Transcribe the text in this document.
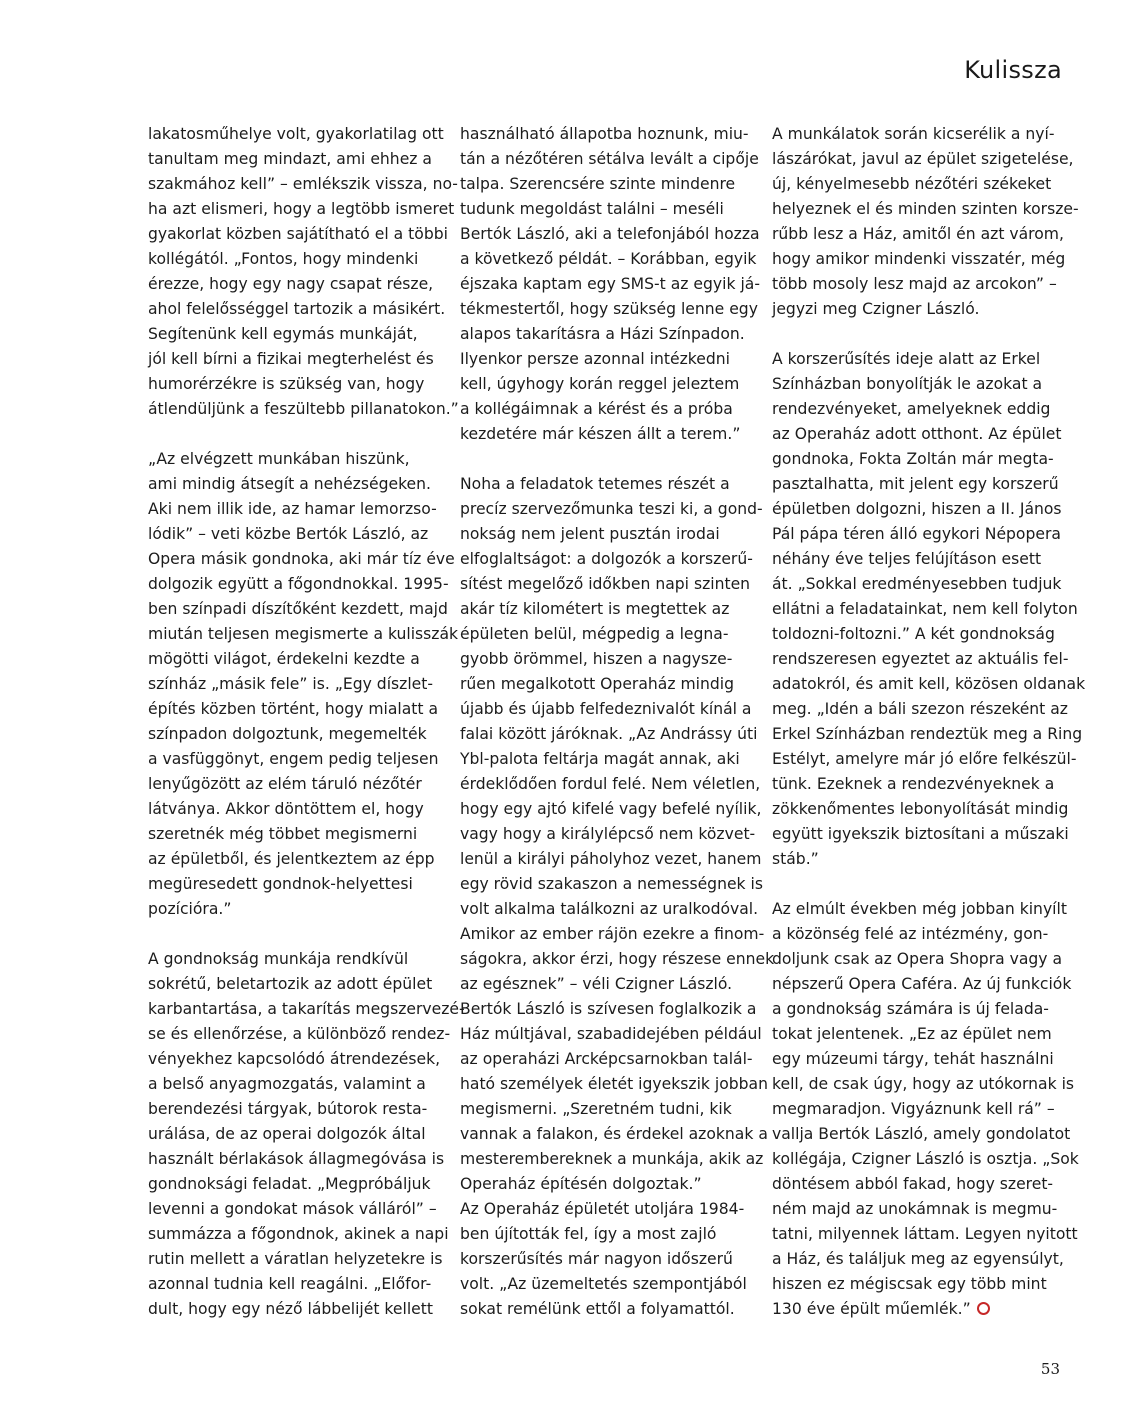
Kulissza
lakatosműhelye volt, gyakorlatilag ott
tanultam meg mindazt, ami ehhez a
szakmához kell” – emlékszik vissza, no-
ha azt elismeri, hogy a legtöbb ismeret
gyakorlat közben sajátítható el a többi
kollégától. „Fontos, hogy mindenki
érezze, hogy egy nagy csapat része,
ahol felelősséggel tartozik a másikért.
Segítenünk kell egymás munkáját,
jól kell bírni a fizikai megterhelést és
humorérzékre is szükség van, hogy
átlendüljünk a feszültebb pillanatokon.”
„Az elvégzett munkában hiszünk,
ami mindig átsegít a nehézségeken.
Aki nem illik ide, az hamar lemorzso-
lódik” – veti közbe Bertók László, az
Opera másik gondnoka, aki már tíz éve
dolgozik együtt a főgondnokkal. 1995-
ben színpadi díszítőként kezdett, majd
miután teljesen megismerte a kulisszák
mögötti világot, érdekelni kezdte a
színház „másik fele” is. „Egy díszlet-
építés közben történt, hogy mialatt a
színpadon dolgoztunk, megemelték
a vasfüggönyt, engem pedig teljesen
lenyűgözött az elém táruló nézőtér
látványa. Akkor döntöttem el, hogy
szeretnék még többet megismerni
az épületből, és jelentkeztem az épp
megüresedett gondnok-helyettesi
pozícióra.”
A gondnokság munkája rendkívül
sokrétű, beletartozik az adott épület
karbantartása, a takarítás megszervezé-
se és ellenőrzése, a különböző rendez-
vényekhez kapcsolódó átrendezések,
a belső anyagmozgatás, valamint a
berendezési tárgyak, bútorok resta-
urálása, de az operai dolgozók által
használt bérlakások állagmegóvása is
gondnoksági feladat. „Megpróbáljuk
levenni a gondokat mások válláról” –
summázza a főgondnok, akinek a napi
rutin mellett a váratlan helyzetekre is
azonnal tudnia kell reagálni. „Előfor-
dult, hogy egy néző lábbelijét kellett
használható állapotba hoznunk, miu-
tán a nézőtéren sétálva levált a cipője
talpa. Szerencsére szinte mindenre
tudunk megoldást találni – meséli
Bertók László, aki a telefonjából hozza
a következő példát. – Korábban, egyik
éjszaka kaptam egy SMS-t az egyik já-
tékmestertől, hogy szükség lenne egy
alapos takarításra a Házi Színpadon.
Ilyenkor persze azonnal intézkedni
kell, úgyhogy korán reggel jeleztem
a kollégáimnak a kérést és a próba
kezdetére már készen állt a terem.”
Noha a feladatok tetemes részét a
precíz szervezőmunka teszi ki, a gond-
nokság nem jelent pusztán irodai
elfoglaltságot: a dolgozók a korszerű-
sítést megelőző időkben napi szinten
akár tíz kilométert is megtettek az
épületen belül, mégpedig a legna-
gyobb örömmel, hiszen a nagysze-
rűen megalkotott Operaház mindig
újabb és újabb felfedeznivalót kínál a
falai között járóknak. „Az Andrássy úti
Ybl-palota feltárja magát annak, aki
érdeklődően fordul felé. Nem véletlen,
hogy egy ajtó kifelé vagy befelé nyílik,
vagy hogy a királylépcső nem közvet-
lenül a királyi páholyhoz vezet, hanem
egy rövid szakaszon a nemességnek is
volt alkalma találkozni az uralkodóval.
Amikor az ember rájön ezekre a finom-
ságokra, akkor érzi, hogy részese ennek
az egésznek” – véli Czigner László.
Bertók László is szívesen foglalkozik a
Ház múltjával, szabadidejében például
az operaházi Arcképcsarnokban talál-
ható személyek életét igyekszik jobban
megismerni. „Szeretném tudni, kik
vannak a falakon, és érdekel azoknak a
mesterembereknek a munkája, akik az
Operaház építésén dolgoztak.”
Az Operaház épületét utoljára 1984-
ben újították fel, így a most zajló
korszerűsítés már nagyon időszerű
volt. „Az üzemeltetés szempontjából
sokat remélünk ettől a folyamattól.
A munkálatok során kicserélik a nyí-
lászárókat, javul az épület szigetelése,
új, kényelmesebb nézőtéri székeket
helyeznek el és minden szinten korsze-
rűbb lesz a Ház, amitől én azt várom,
hogy amikor mindenki visszatér, még
több mosoly lesz majd az arcokon” –
jegyzi meg Czigner László.
A korszerűsítés ideje alatt az Erkel
Színházban bonyolítják le azokat a
rendezvényeket, amelyeknek eddig
az Operaház adott otthont. Az épület
gondnoka, Fokta Zoltán már megta-
pasztalhatta, mit jelent egy korszerű
épületben dolgozni, hiszen a II. János
Pál pápa téren álló egykori Népopera
néhány éve teljes felújításon esett
át. „Sokkal eredményesebben tudjuk
ellátni a feladatainkat, nem kell folyton
toldozni-foltozni.” A két gondnokság
rendszeresen egyeztet az aktuális fel-
adatokról, és amit kell, közösen oldanak
meg. „Idén a báli szezon részeként az
Erkel Színházban rendeztük meg a Ring
Estélyt, amelyre már jó előre felkészül-
tünk. Ezeknek a rendezvényeknek a
zökkenőmentes lebonyolítását mindig
együtt igyekszik biztosítani a műszaki
stáb.”
Az elmúlt években még jobban kinyílt
a közönség felé az intézmény, gon-
doljunk csak az Opera Shopra vagy a
népszerű Opera Caféra. Az új funkciók
a gondnokság számára is új felada-
tokat jelentenek. „Ez az épület nem
egy múzeumi tárgy, tehát használni
kell, de csak úgy, hogy az utókornak is
megmaradjon. Vigyáznunk kell rá” –
vallja Bertók László, amely gondolatot
kollégája, Czigner László is osztja. „Sok
döntésem abból fakad, hogy szeret-
ném majd az unokámnak is megmu-
tatni, milyennek láttam. Legyen nyitott
a Ház, és találjuk meg az egyensúlyt,
hiszen ez mégiscsak egy több mint
130 éve épült műemlék.”
53
